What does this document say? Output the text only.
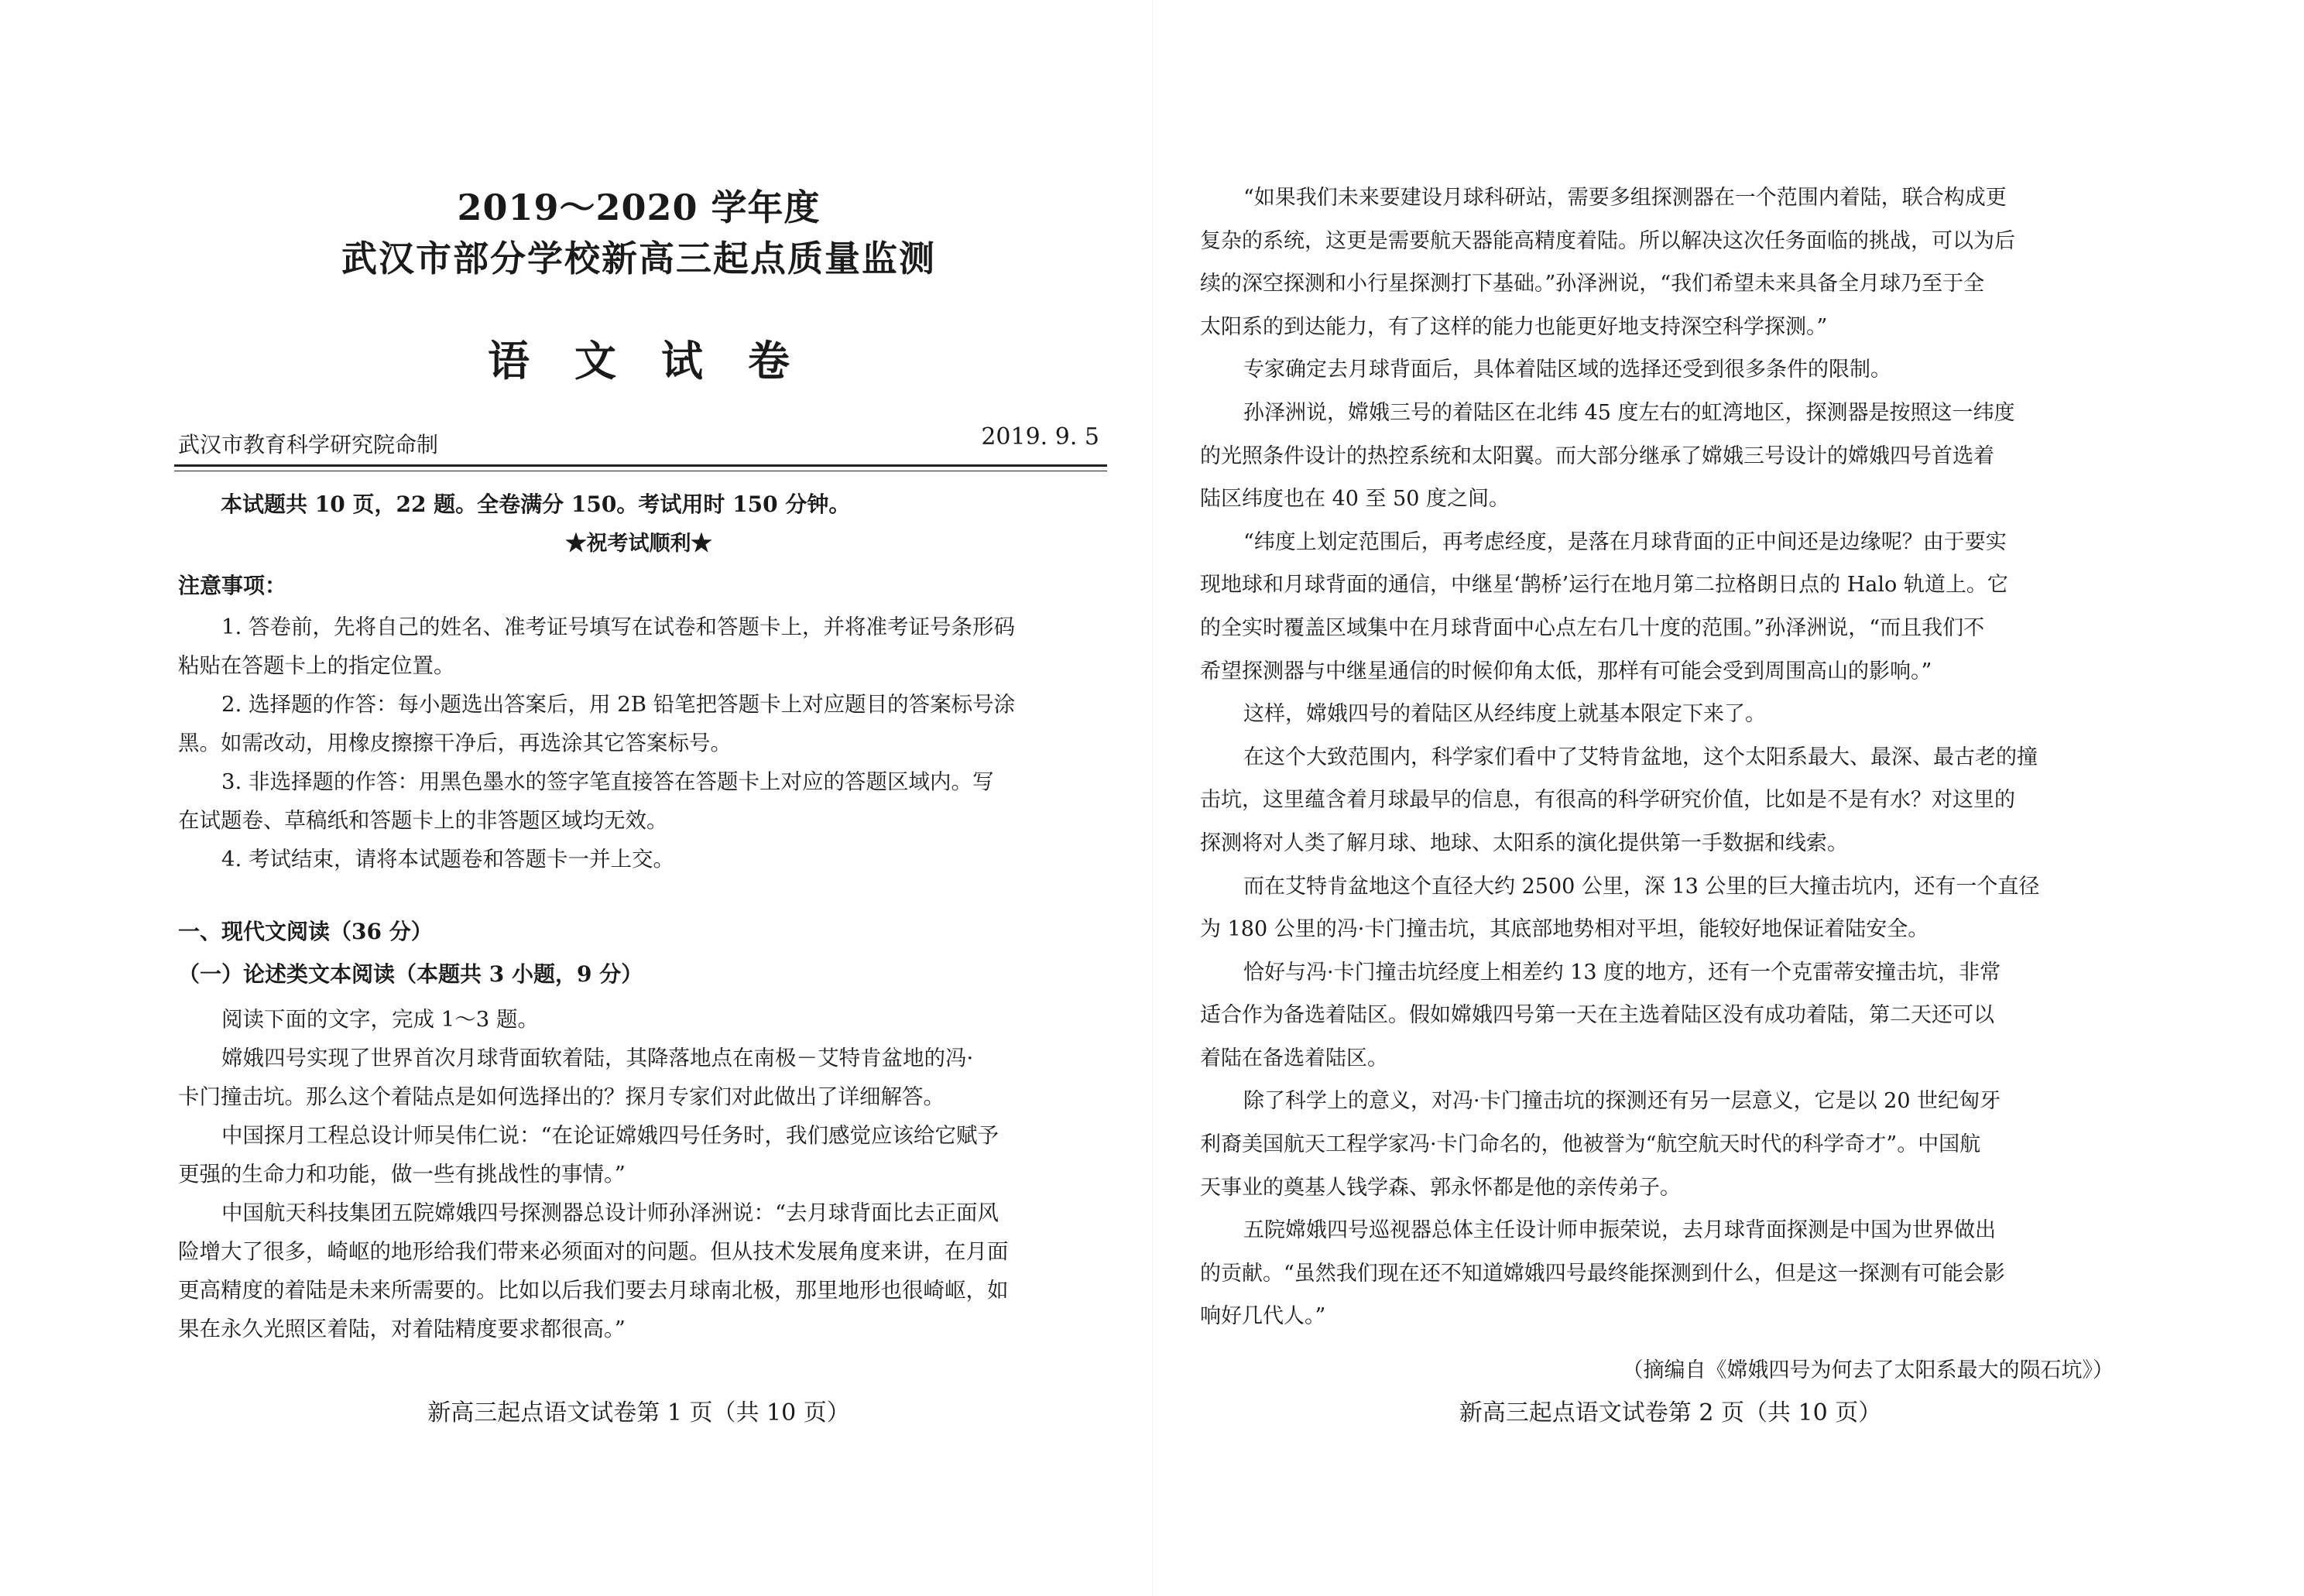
2019～2020 学年度
武汉市部分学校新高三起点质量监测
语文试卷
武汉市教育科学研究院命制	2019. 9. 5
本试题共 10 页，22 题。全卷满分 150。考试用时 150 分钟。
★祝考试顺利★
注意事项：
1. 答卷前，先将自己的姓名、准考证号填写在试卷和答题卡上，并将准考证号条形码
粘贴在答题卡上的指定位置。
2. 选择题的作答：每小题选出答案后，用 2B 铅笔把答题卡上对应题目的答案标号涂
黑。如需改动，用橡皮擦擦干净后，再选涂其它答案标号。
3. 非选择题的作答：用黑色墨水的签字笔直接答在答题卡上对应的答题区域内。写
在试题卷、草稿纸和答题卡上的非答题区域均无效。
4. 考试结束，请将本试题卷和答题卡一并上交。
一、现代文阅读（36 分）
（一）论述类文本阅读（本题共 3 小题，9 分）
阅读下面的文字，完成 1～3 题。
嫦娥四号实现了世界首次月球背面软着陆，其降落地点在南极－艾特肯盆地的冯·
卡门撞击坑。那么这个着陆点是如何选择出的？探月专家们对此做出了详细解答。
中国探月工程总设计师吴伟仁说：“在论证嫦娥四号任务时，我们感觉应该给它赋予
更强的生命力和功能，做一些有挑战性的事情。”
中国航天科技集团五院嫦娥四号探测器总设计师孙泽洲说：“去月球背面比去正面风
险增大了很多，崎岖的地形给我们带来必须面对的问题。但从技术发展角度来讲，在月面
更高精度的着陆是未来所需要的。比如以后我们要去月球南北极，那里地形也很崎岖，如
果在永久光照区着陆，对着陆精度要求都很高。”
新高三起点语文试卷第 1 页（共 10 页）
“如果我们未来要建设月球科研站，需要多组探测器在一个范围内着陆，联合构成更
复杂的系统，这更是需要航天器能高精度着陆。所以解决这次任务面临的挑战，可以为后
续的深空探测和小行星探测打下基础。”孙泽洲说，“我们希望未来具备全月球乃至于全
太阳系的到达能力，有了这样的能力也能更好地支持深空科学探测。”
专家确定去月球背面后，具体着陆区域的选择还受到很多条件的限制。
孙泽洲说，嫦娥三号的着陆区在北纬 45 度左右的虹湾地区，探测器是按照这一纬度
的光照条件设计的热控系统和太阳翼。而大部分继承了嫦娥三号设计的嫦娥四号首选着
陆区纬度也在 40 至 50 度之间。
“纬度上划定范围后，再考虑经度，是落在月球背面的正中间还是边缘呢？由于要实
现地球和月球背面的通信，中继星‘鹊桥’运行在地月第二拉格朗日点的 Halo 轨道上。它
的全实时覆盖区域集中在月球背面中心点左右几十度的范围。”孙泽洲说，“而且我们不
希望探测器与中继星通信的时候仰角太低，那样有可能会受到周围高山的影响。”
这样，嫦娥四号的着陆区从经纬度上就基本限定下来了。
在这个大致范围内，科学家们看中了艾特肯盆地，这个太阳系最大、最深、最古老的撞
击坑，这里蕴含着月球最早的信息，有很高的科学研究价值，比如是不是有水？对这里的
探测将对人类了解月球、地球、太阳系的演化提供第一手数据和线索。
而在艾特肯盆地这个直径大约 2500 公里，深 13 公里的巨大撞击坑内，还有一个直径
为 180 公里的冯·卡门撞击坑，其底部地势相对平坦，能较好地保证着陆安全。
恰好与冯·卡门撞击坑经度上相差约 13 度的地方，还有一个克雷蒂安撞击坑，非常
适合作为备选着陆区。假如嫦娥四号第一天在主选着陆区没有成功着陆，第二天还可以
着陆在备选着陆区。
除了科学上的意义，对冯·卡门撞击坑的探测还有另一层意义，它是以 20 世纪匈牙
利裔美国航天工程学家冯·卡门命名的，他被誉为“航空航天时代的科学奇才”。中国航
天事业的奠基人钱学森、郭永怀都是他的亲传弟子。
五院嫦娥四号巡视器总体主任设计师申振荣说，去月球背面探测是中国为世界做出
的贡献。“虽然我们现在还不知道嫦娥四号最终能探测到什么，但是这一探测有可能会影
响好几代人。”
（摘编自《嫦娥四号为何去了太阳系最大的陨石坑》）
新高三起点语文试卷第 2 页（共 10 页）
